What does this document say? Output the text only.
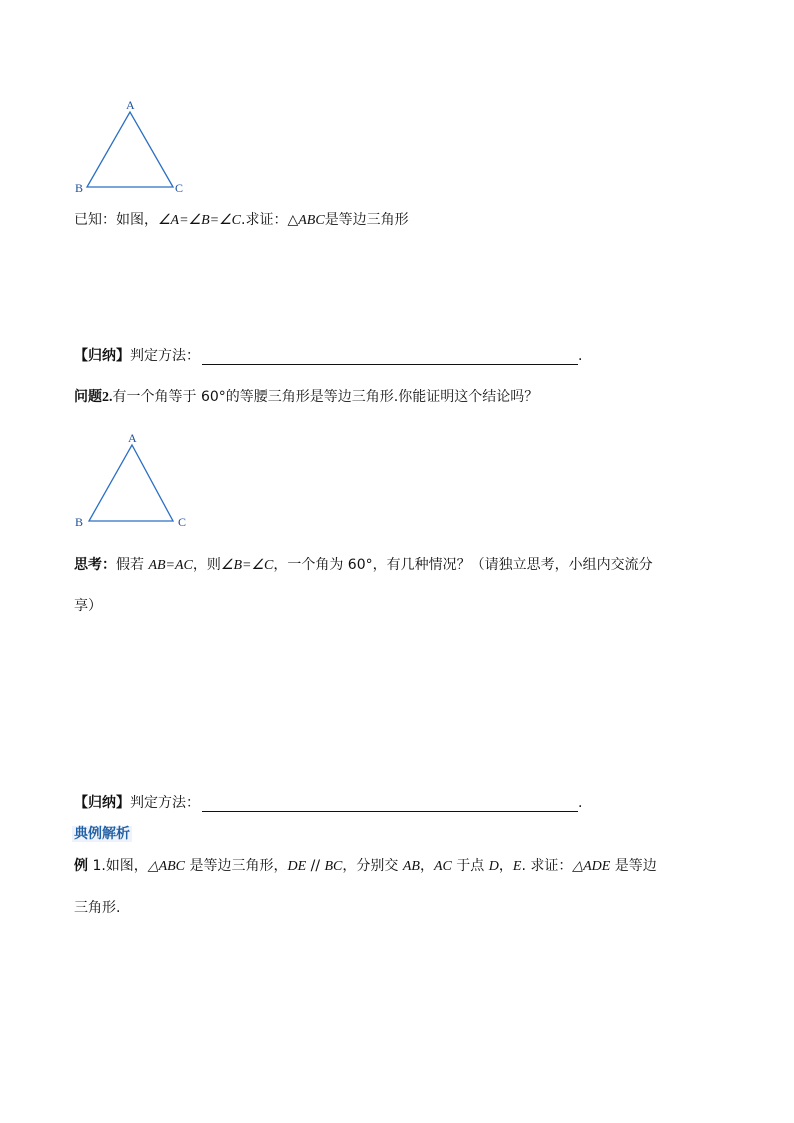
A
B	C
已知：如图，∠A=∠B=∠C.求证：△ABC是等边三角形
【归纳】判定方法：	.
问题2.有一个角等于 60°的等腰三角形是等边三角形.你能证明这个结论吗？
A
B	C
思考：假若 AB=AC，则∠B=∠C，一个角为 60°，有几种情况？（请独立思考，小组内交流分
享）
【归纳】判定方法：	.
典例解析
例 1.如图，△ABC 是等边三角形，DE // BC，分别交 AB，AC 于点 D，E. 求证：△ADE 是等边
三角形.
